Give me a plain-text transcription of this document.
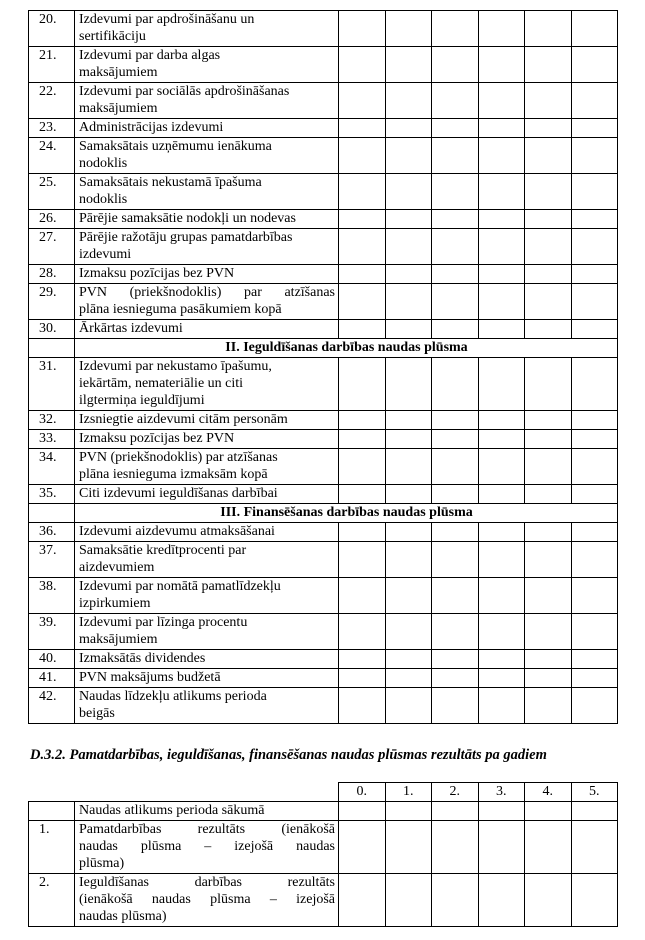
20.	Izdevumi par apdrošināšanu un
sertifikāciju						

21.	Izdevumi par darba algas
maksājumiem						

22.	Izdevumi par sociālās apdrošināšanas
maksājumiem						

23.	Administrācijas izdevumi						

24.	Samaksātais uzņēmumu ienākuma
nodoklis						

25.	Samaksātais nekustamā īpašuma
nodoklis						

26.	Pārējie samaksātie nodokļi un nodevas						

27.	Pārējie ražotāju grupas pamatdarbības
izdevumi						

28.	Izmaksu pozīcijas bez PVN						

29.	PVN (priekšnodoklis) par atzīšanas
plāna iesnieguma pasākumiem kopā						

30.	Ārkārtas izdevumi						

	II. Ieguldīšanas darbības naudas plūsma						
31.	Izdevumi par nekustamo īpašumu,
iekārtām, nemateriālie un citi
ilgtermiņa ieguldījumi						

32.	Izsniegtie aizdevumi citām personām						

33.	Izmaksu pozīcijas bez PVN						

34.	PVN (priekšnodoklis) par atzīšanas
plāna iesnieguma izmaksām kopā						

35.	Citi izdevumi ieguldīšanas darbībai						

	III. Finansēšanas darbības naudas plūsma						
36.	Izdevumi aizdevumu atmaksāšanai						

37.	Samaksātie kredītprocenti par
aizdevumiem						

38.	Izdevumi par nomātā pamatlīdzekļu
izpirkumiem						

39.	Izdevumi par līzinga procentu
maksājumiem						

40.	Izmaksātās dividendes						

41.	PVN maksājums budžetā						

42.	Naudas līdzekļu atlikums perioda
beigās						

D.3.2. Pamatdarbības, ieguldīšanas, finansēšanas naudas plūsmas rezultāts pa gadiem
		0.	1.	2.	3.	4.	5.

	Naudas atlikums perioda sākumā						

1.	Pamatdarbības rezultāts (ienākošā
naudas plūsma – izejošā naudas
plūsma)						

2.	Ieguldīšanas darbības rezultāts
(ienākošā naudas plūsma – izejošā
naudas plūsma)						
